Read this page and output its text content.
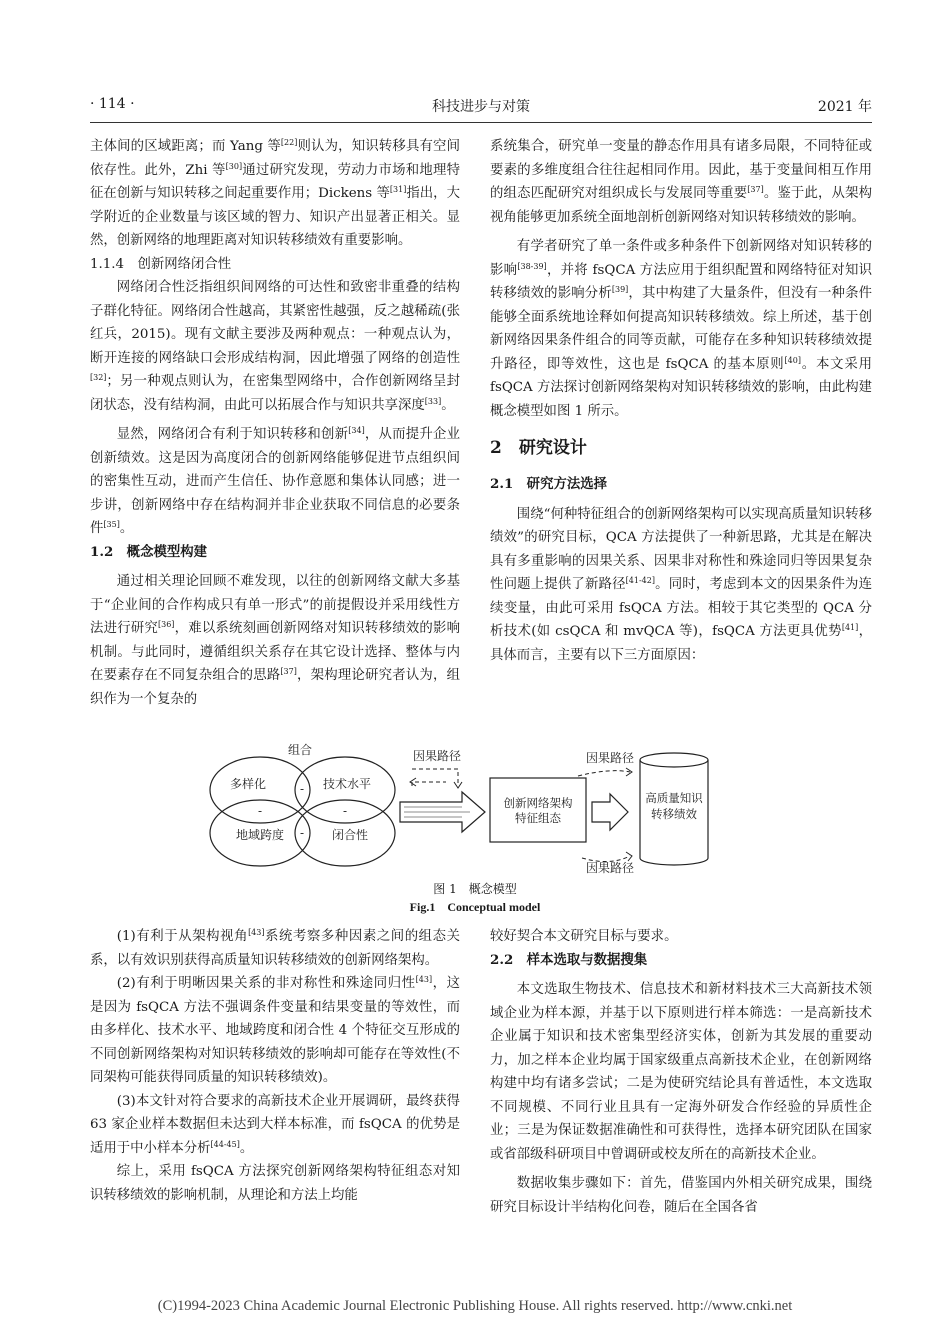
· 114 ·	科技进步与对策	2021 年

主体间的区域距离；而 Yang 等[22]则认为，知识转移具有空间依存性。此外，Zhi 等[30]通过研究发现，劳动力市场和地理特征在创新与知识转移之间起重要作用；Dickens 等[31]指出，大学附近的企业数量与该区域的智力、知识产出显著正相关。显然，创新网络的地理距离对知识转移绩效有重要影响。

1.1.4　创新网络闭合性

网络闭合性泛指组织间网络的可达性和致密非重叠的结构子群化特征。网络闭合性越高，其紧密性越强，反之越稀疏(张红兵，2015)。现有文献主要涉及两种观点：一种观点认为，断开连接的网络缺口会形成结构洞，因此增强了网络的创造性[32]；另一种观点则认为，在密集型网络中，合作创新网络呈封闭状态，没有结构洞，由此可以拓展合作与知识共享深度[33]。

显然，网络闭合有利于知识转移和创新[34]，从而提升企业创新绩效。这是因为高度闭合的创新网络能够促进节点组织间的密集性互动，进而产生信任、协作意愿和集体认同感；进一步讲，创新网络中存在结构洞并非企业获取不同信息的必要条件[35]。

1.2　概念模型构建

通过相关理论回顾不难发现，以往的创新网络文献大多基于“企业间的合作构成只有单一形式”的前提假设并采用线性方法进行研究[36]，难以系统刻画创新网络对知识转移绩效的影响机制。与此同时，遵循组织关系存在其它设计选择、整体与内在要素存在不同复杂组合的思路[37]，架构理论研究者认为，组织作为一个复杂的

系统集合，研究单一变量的静态作用具有诸多局限，不同特征或要素的多维度组合往往起相同作用。因此，基于变量间相互作用的组态匹配研究对组织成长与发展同等重要[37]。鉴于此，从架构视角能够更加系统全面地剖析创新网络对知识转移绩效的影响。

有学者研究了单一条件或多种条件下创新网络对知识转移的影响[38-39]，并将 fsQCA 方法应用于组织配置和网络特征对知识转移绩效的影响分析[39]，其中构建了大量条件，但没有一种条件能够全面系统地诠释如何提高知识转移绩效。综上所述，基于创新网络因果条件组合的同等贡献，可能存在多种知识转移绩效提升路径，即等效性，这也是 fsQCA 的基本原则[40]。本文采用 fsQCA 方法探讨创新网络架构对知识转移绩效的影响，由此构建概念模型如图 1 所示。

2　研究设计

2.1　研究方法选择

围绕“何种特征组合的创新网络架构可以实现高质量知识转移绩效”的研究目标，QCA 方法提供了一种新思路，尤其是在解决具有多重影响的因果关系、因果非对称性和殊途同归等因果复杂性问题上提供了新路径[41-42]。同时，考虑到本文的因果条件为连续变量，由此可采用 fsQCA 方法。相较于其它类型的 QCA 分析技术(如 csQCA 和 mvQCA 等)，fsQCA 方法更具优势[41]，具体而言，主要有以下三方面原因：

组合
多样化	技术水平
地域跨度	闭合性
-
-	-
-
因果路径
创新网络架构
特征组态
因果路径
因果路径
高质量知识
转移绩效
图 1　概念模型
Fig.1　Conceptual model

(1)有利于从架构视角[43]系统考察多种因素之间的组态关系，以有效识别获得高质量知识转移绩效的创新网络架构。

(2)有利于明晰因果关系的非对称性和殊途同归性[43]，这是因为 fsQCA 方法不强调条件变量和结果变量的等效性，而由多样化、技术水平、地域跨度和闭合性 4 个特征交互形成的不同创新网络架构对知识转移绩效的影响却可能存在等效性(不同架构可能获得同质量的知识转移绩效)。

(3)本文针对符合要求的高新技术企业开展调研，最终获得 63 家企业样本数据但未达到大样本标准，而 fsQCA 的优势是适用于中小样本分析[44-45]。

综上，采用 fsQCA 方法探究创新网络架构特征组态对知识转移绩效的影响机制，从理论和方法上均能

较好契合本文研究目标与要求。

2.2　样本选取与数据搜集

本文选取生物技术、信息技术和新材料技术三大高新技术领域企业为样本源，并基于以下原则进行样本筛选：一是高新技术企业属于知识和技术密集型经济实体，创新为其发展的重要动力，加之样本企业均属于国家级重点高新技术企业，在创新网络构建中均有诸多尝试；二是为使研究结论具有普适性，本文选取不同规模、不同行业且具有一定海外研发合作经验的异质性企业；三是为保证数据准确性和可获得性，选择本研究团队在国家或省部级科研项目中曾调研或校友所在的高新技术企业。

数据收集步骤如下：首先，借鉴国内外相关研究成果，围绕研究目标设计半结构化问卷，随后在全国各省

(C)1994-2023 China Academic Journal Electronic Publishing House. All rights reserved. http://www.cnki.net
